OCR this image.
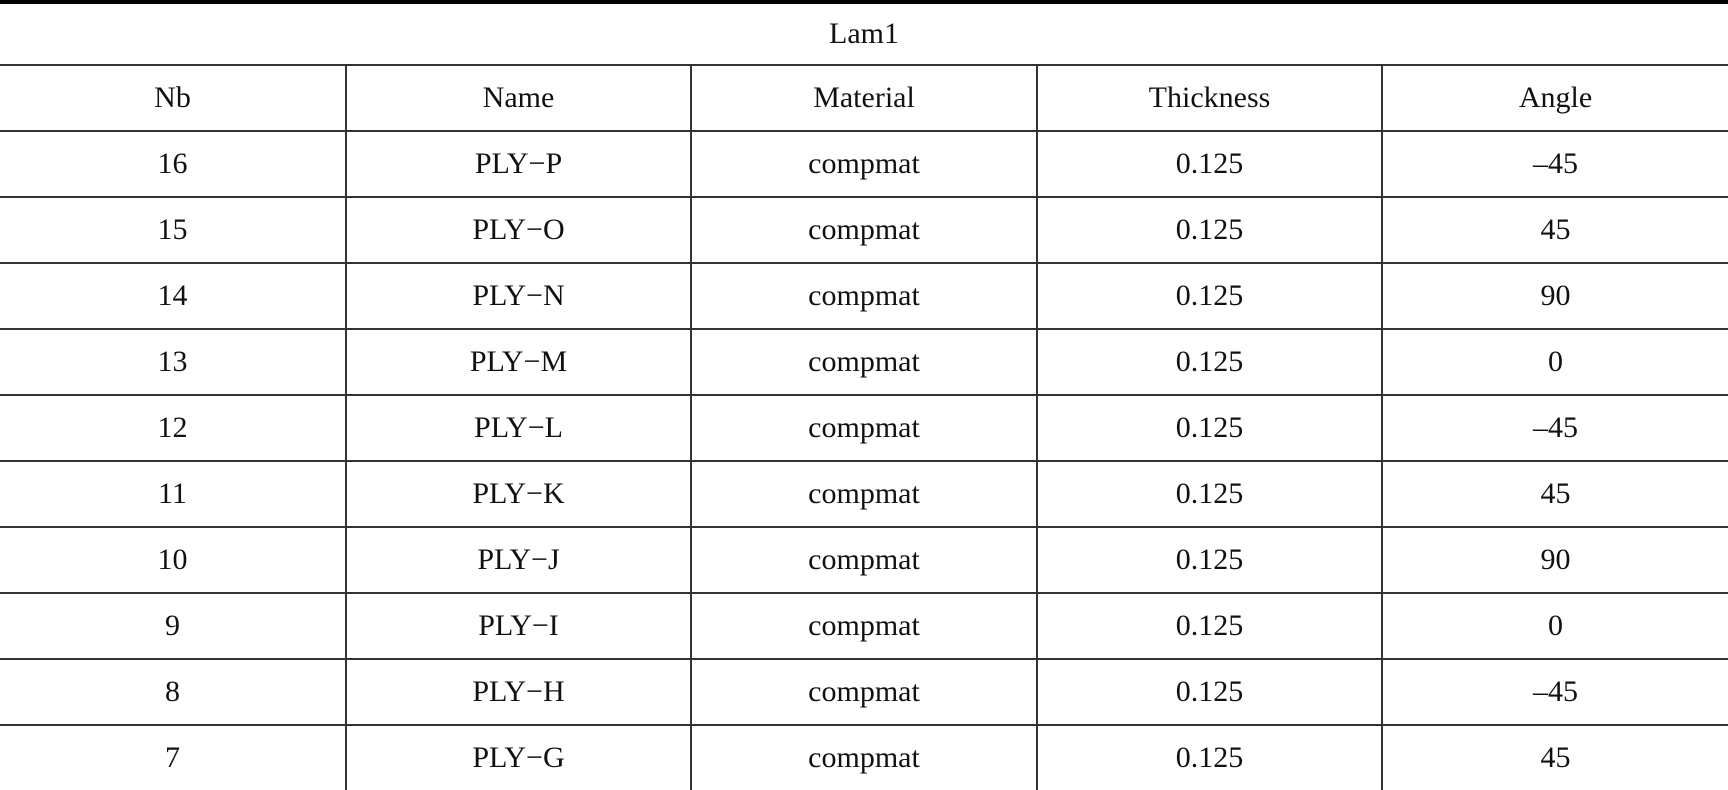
Lam1				
Nb	Name	Material	Thickness	Angle
16	PLY−P	compmat	0.125	–45
15	PLY−O	compmat	0.125	45
14	PLY−N	compmat	0.125	90
13	PLY−M	compmat	0.125	0
12	PLY−L	compmat	0.125	–45
11	PLY−K	compmat	0.125	45
10	PLY−J	compmat	0.125	90
9	PLY−I	compmat	0.125	0
8	PLY−H	compmat	0.125	–45
7	PLY−G	compmat	0.125	45
